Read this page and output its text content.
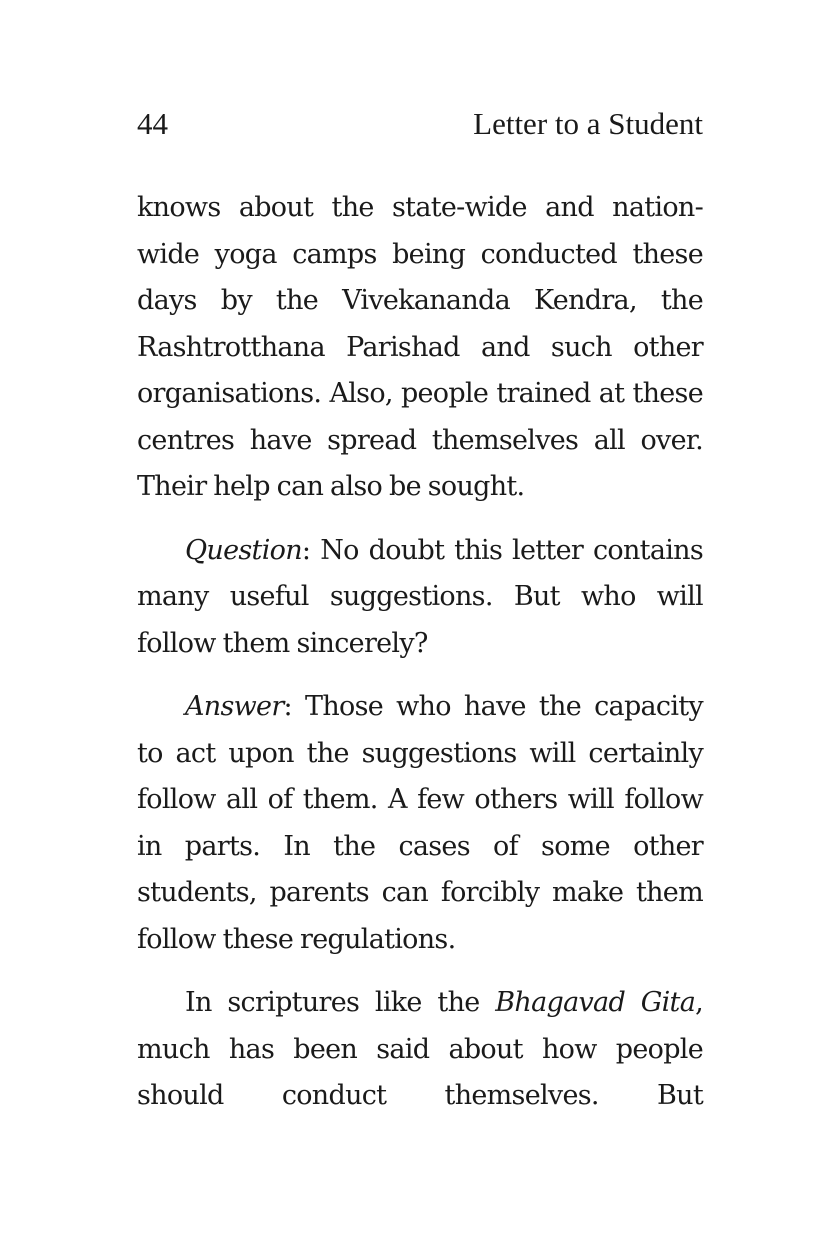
44	Letter to a Student

knows about the state-wide and nation-wide yoga camps being conducted these days by the Vivekananda Kendra, the Rashtrotthana Parishad and such other organisations. Also, people trained at these centres have spread themselves all over. Their help can also be sought.

Question: No doubt this letter contains many useful suggestions. But who will follow them sincerely?

Answer: Those who have the capacity to act upon the suggestions will certainly follow all of them. A few others will follow in parts. In the cases of some other students, parents can forcibly make them follow these regulations.

In scriptures like the Bhagavad Gita, much has been said about how people should conduct themselves. But
